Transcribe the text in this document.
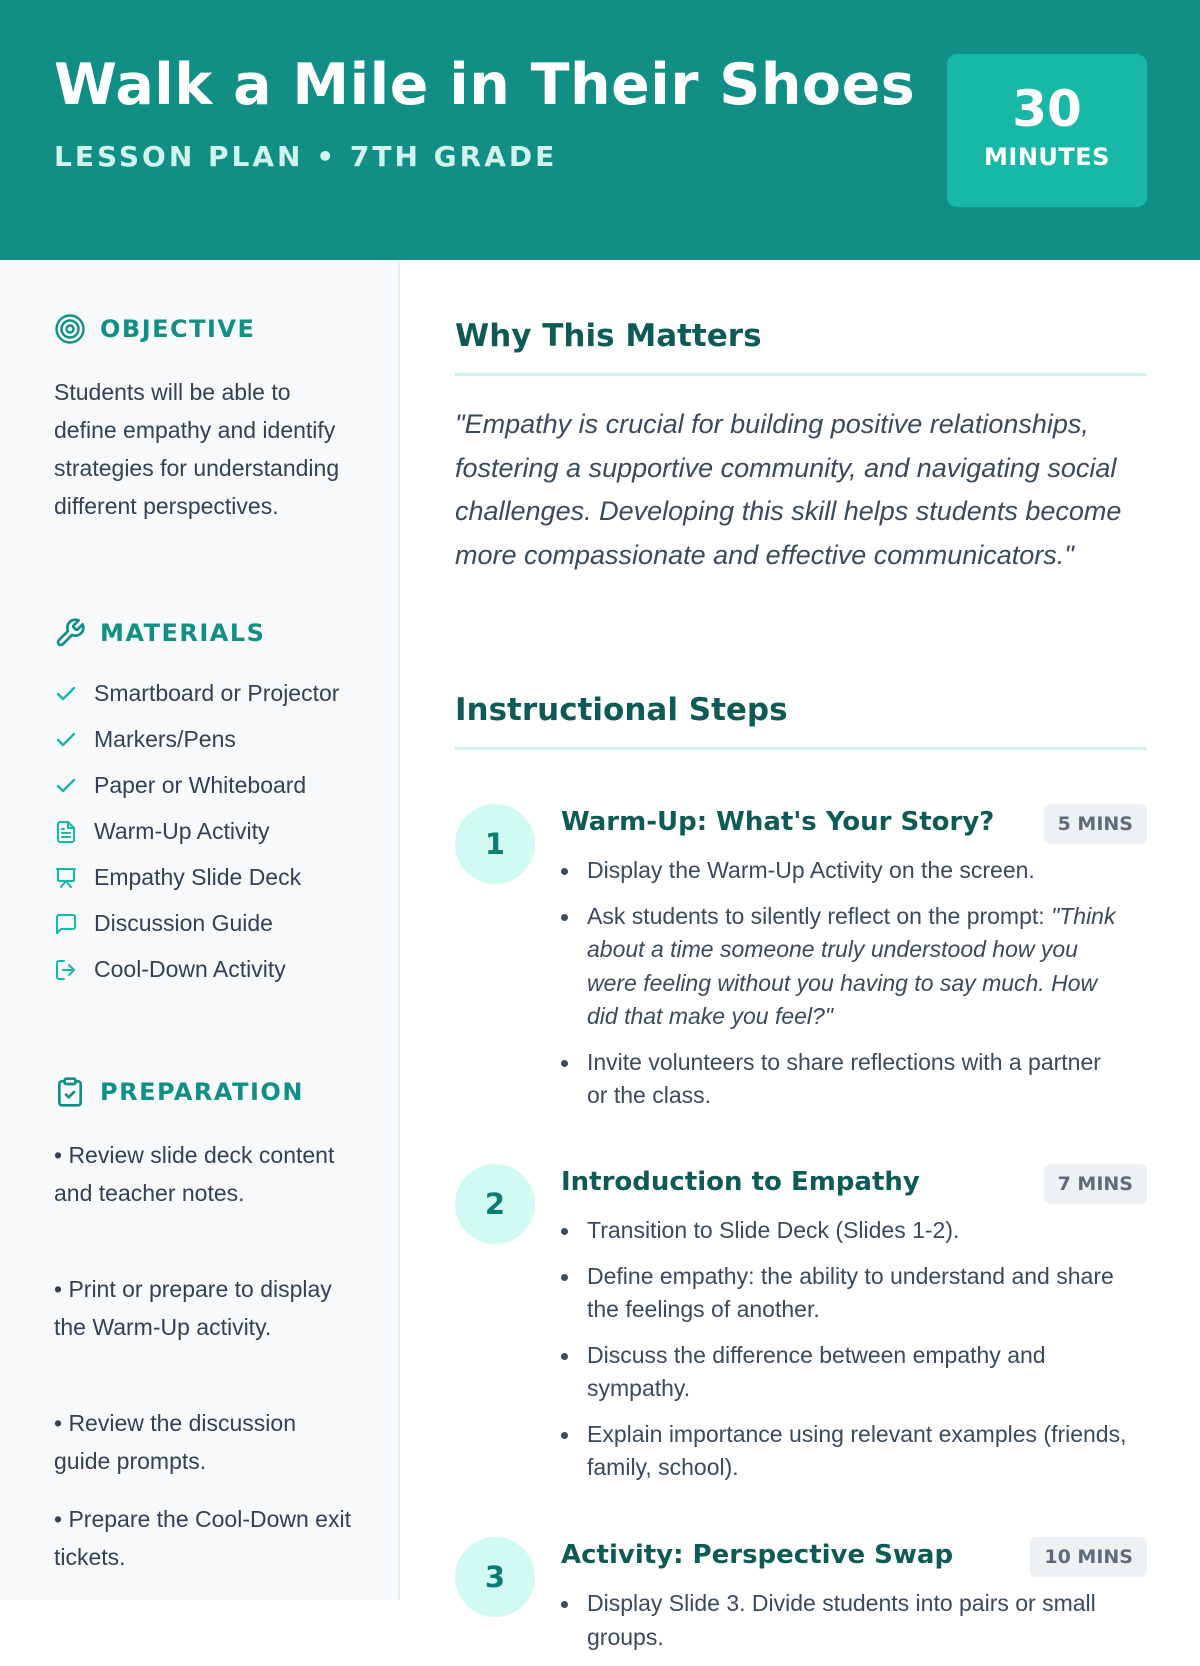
Walk a Mile in Their Shoes
LESSON PLAN • 7TH GRADE
30
MINUTES
OBJECTIVE
Students will be able to define empathy and identify strategies for understanding different perspectives.
MATERIALS
Smartboard or Projector
Markers/Pens
Paper or Whiteboard
Warm-Up Activity
Empathy Slide Deck
Discussion Guide
Cool-Down Activity
PREPARATION
• Review slide deck content and teacher notes.
• Print or prepare to display the Warm-Up activity.
• Review the discussion guide prompts.
• Prepare the Cool-Down exit tickets.
Why This Matters
"Empathy is crucial for building positive relationships, fostering a supportive community, and navigating social challenges. Developing this skill helps students become more compassionate and effective communicators."
Instructional Steps
1
Warm-Up: What's Your Story?	5 MINS
Display the Warm-Up Activity on the screen.
Ask students to silently reflect on the prompt: "Think about a time someone truly understood how you were feeling without you having to say much. How did that make you feel?"
Invite volunteers to share reflections with a partner or the class.
2
Introduction to Empathy	7 MINS
Transition to Slide Deck (Slides 1-2).
Define empathy: the ability to understand and share the feelings of another.
Discuss the difference between empathy and sympathy.
Explain importance using relevant examples (friends, family, school).
3
Activity: Perspective Swap	10 MINS
Display Slide 3. Divide students into pairs or small groups.
